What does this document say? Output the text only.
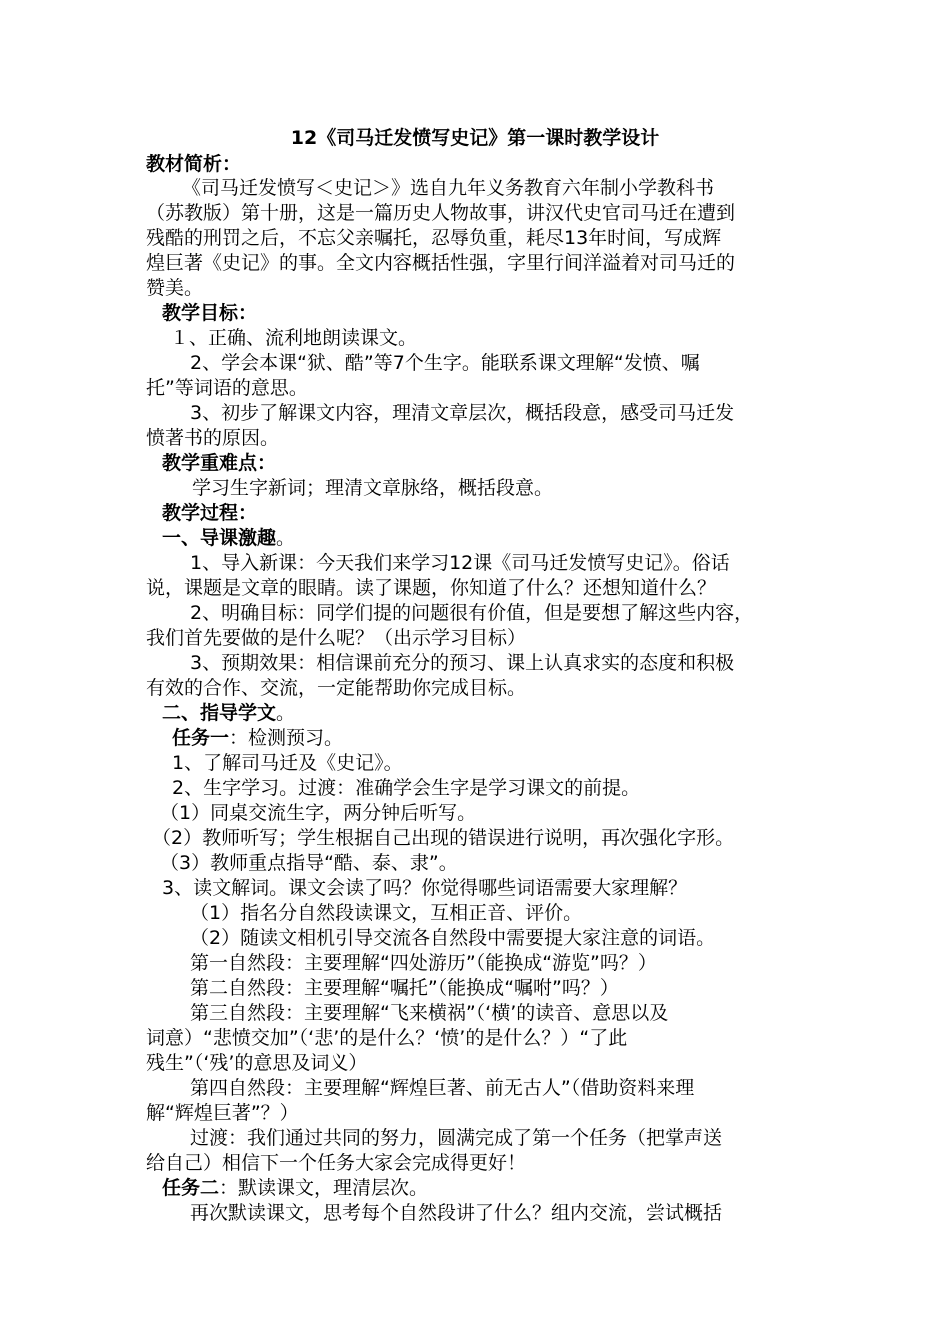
12《司马迁发愤写史记》第一课时教学设计
教材简析：
《司马迁发愤写＜史记＞》选自九年义务教育六年制小学教科书
（苏教版）第十册，这是一篇历史人物故事，讲汉代史官司马迁在遭到
残酷的刑罚之后，不忘父亲嘱托，忍辱负重，耗尽13年时间，写成辉
煌巨著《史记》的事。全文内容概括性强，字里行间洋溢着对司马迁的
赞美。
教学目标：
１、正确、流利地朗读课文。
2、学会本课“狱、酷”等7个生字。能联系课文理解“发愤、嘱
托”等词语的意思。
3、初步了解课文内容，理清文章层次，概括段意，感受司马迁发
愤著书的原因。
教学重难点：
学习生字新词；理清文章脉络，概括段意。
教学过程：
一、导课激趣。
1、导入新课：今天我们来学习12课《司马迁发愤写史记》。俗话
说，课题是文章的眼睛。读了课题，你知道了什么？还想知道什么？
2、明确目标：同学们提的问题很有价值，但是要想了解这些内容，
我们首先要做的是什么呢？（出示学习目标）
3、预期效果：相信课前充分的预习、课上认真求实的态度和积极
有效的合作、交流，一定能帮助你完成目标。
二、指导学文。
任务一：检测预习。
1、了解司马迁及《史记》。
2、生字学习。过渡：准确学会生字是学习课文的前提。
（1）同桌交流生字，两分钟后听写。
（2）教师听写；学生根据自己出现的错误进行说明，再次强化字形。
（3）教师重点指导“酷、泰、隶”。
3、读文解词。课文会读了吗？你觉得哪些词语需要大家理解？
（1）指名分自然段读课文，互相正音、评价。
（2）随读文相机引导交流各自然段中需要提大家注意的词语。
第一自然段：主要理解“四处游历”（能换成“游览”吗？）
第二自然段：主要理解“嘱托”（能换成“嘱咐”吗？）
第三自然段：主要理解“飞来横祸”（‘横’的读音、意思以及
词意）“悲愤交加”（‘悲’的是什么？‘愤’的是什么？）“了此
残生”（‘残’的意思及词义）
第四自然段：主要理解“辉煌巨著、前无古人”（借助资料来理
解“辉煌巨著”？）
过渡：我们通过共同的努力，圆满完成了第一个任务（把掌声送
给自己）相信下一个任务大家会完成得更好！
任务二：默读课文，理清层次。
再次默读课文，思考每个自然段讲了什么？组内交流，尝试概括
